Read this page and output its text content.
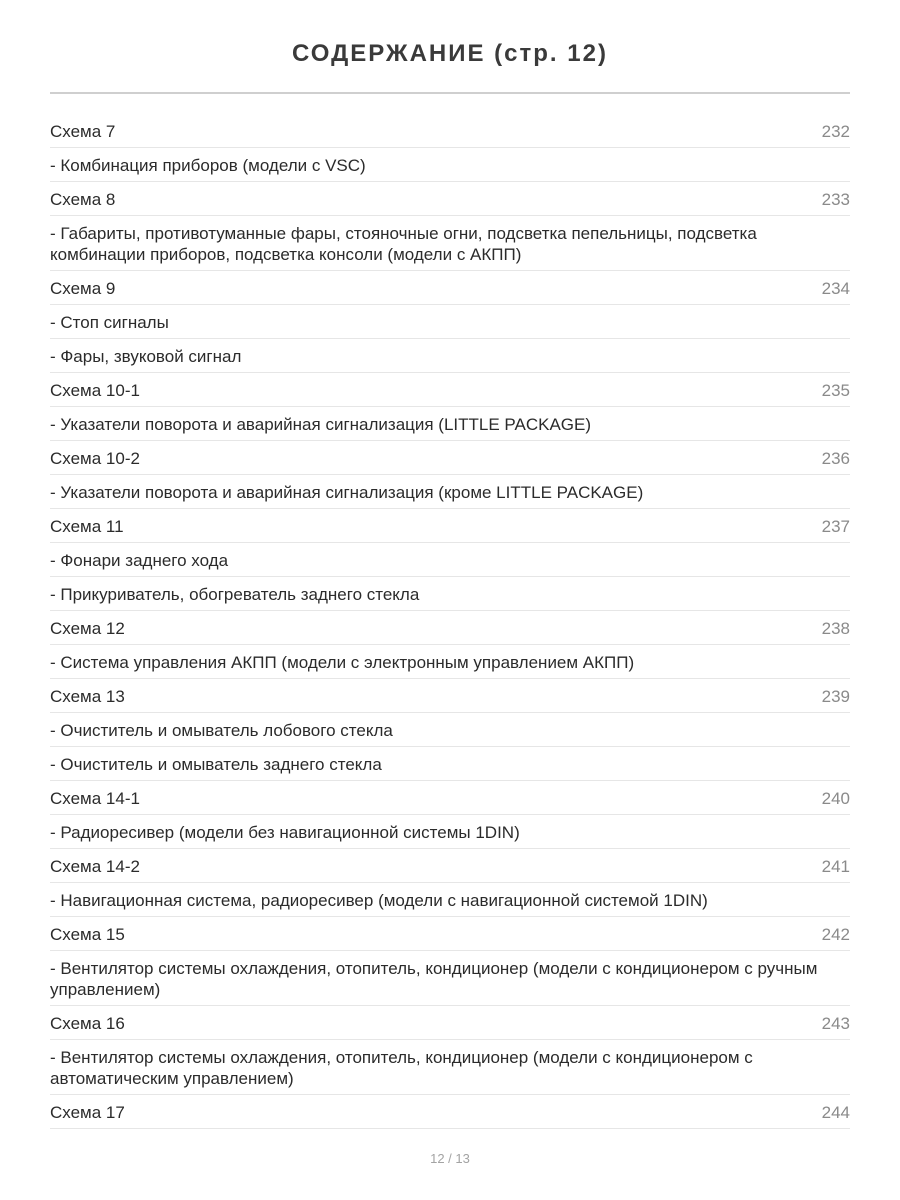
СОДЕРЖАНИЕ (стр. 12)
Схема 7	232
- Комбинация приборов (модели с VSC)
Схема 8	233
- Габариты, противотуманные фары, стояночные огни, подсветка пепельницы, подсветка комбинации приборов, подсветка консоли (модели с АКПП)
Схема 9	234
- Стоп сигналы
- Фары, звуковой сигнал
Схема 10-1	235
- Указатели поворота и аварийная сигнализация (LITTLE PACKAGE)
Схема 10-2	236
- Указатели поворота и аварийная сигнализация (кроме LITTLE PACKAGE)
Схема 11	237
- Фонари заднего хода
- Прикуриватель, обогреватель заднего стекла
Схема 12	238
- Система управления АКПП (модели с электронным управлением АКПП)
Схема 13	239
- Очиститель и омыватель лобового стекла
- Очиститель и омыватель заднего стекла
Схема 14-1	240
- Радиоресивер (модели без навигационной системы 1DIN)
Схема 14-2	241
- Навигационная система, радиоресивер (модели с навигационной системой 1DIN)
Схема 15	242
- Вентилятор системы охлаждения, отопитель, кондиционер (модели с кондиционером с ручным управлением)
Схема 16	243
- Вентилятор системы охлаждения, отопитель, кондиционер (модели с кондиционером с автоматическим управлением)
Схема 17	244
12 / 13
